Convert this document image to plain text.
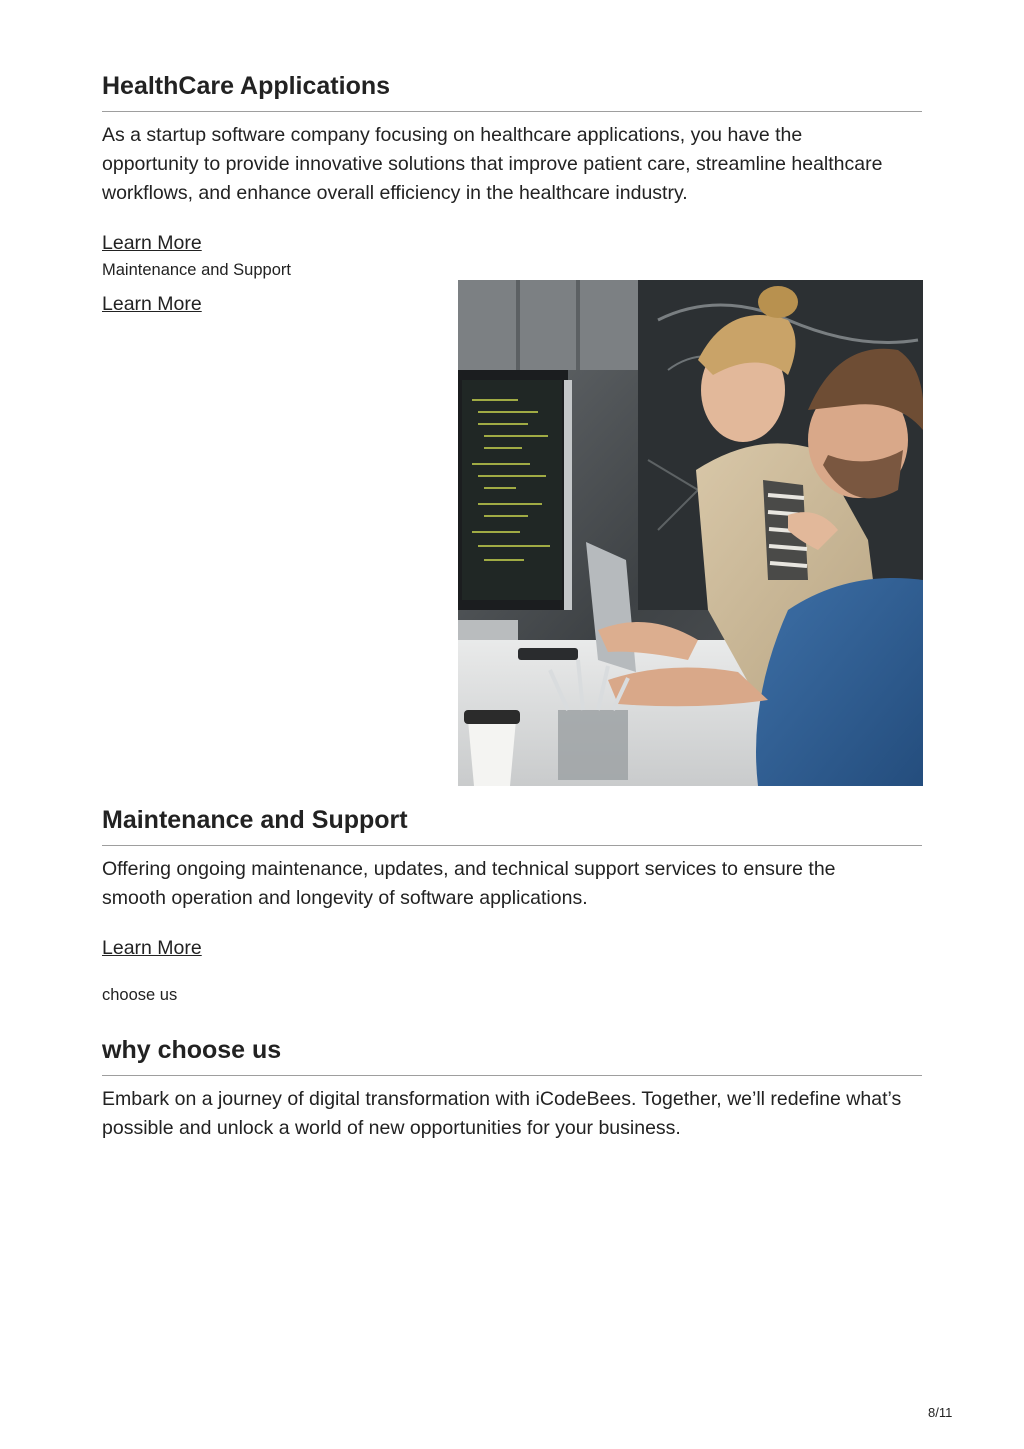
HealthCare Applications

As a startup software company focusing on healthcare applications, you have the opportunity to provide innovative solutions that improve patient care, streamline healthcare workflows, and enhance overall efficiency in the healthcare industry.

Learn More
Maintenance and Support
Learn More
Maintenance and Support

Offering ongoing maintenance, updates, and technical support services to ensure the smooth operation and longevity of software applications.

Learn More
choose us
why choose us

Embark on a journey of digital transformation with iCodeBees. Together, we’ll redefine what’s possible and unlock a world of new opportunities for your business.

8/11
